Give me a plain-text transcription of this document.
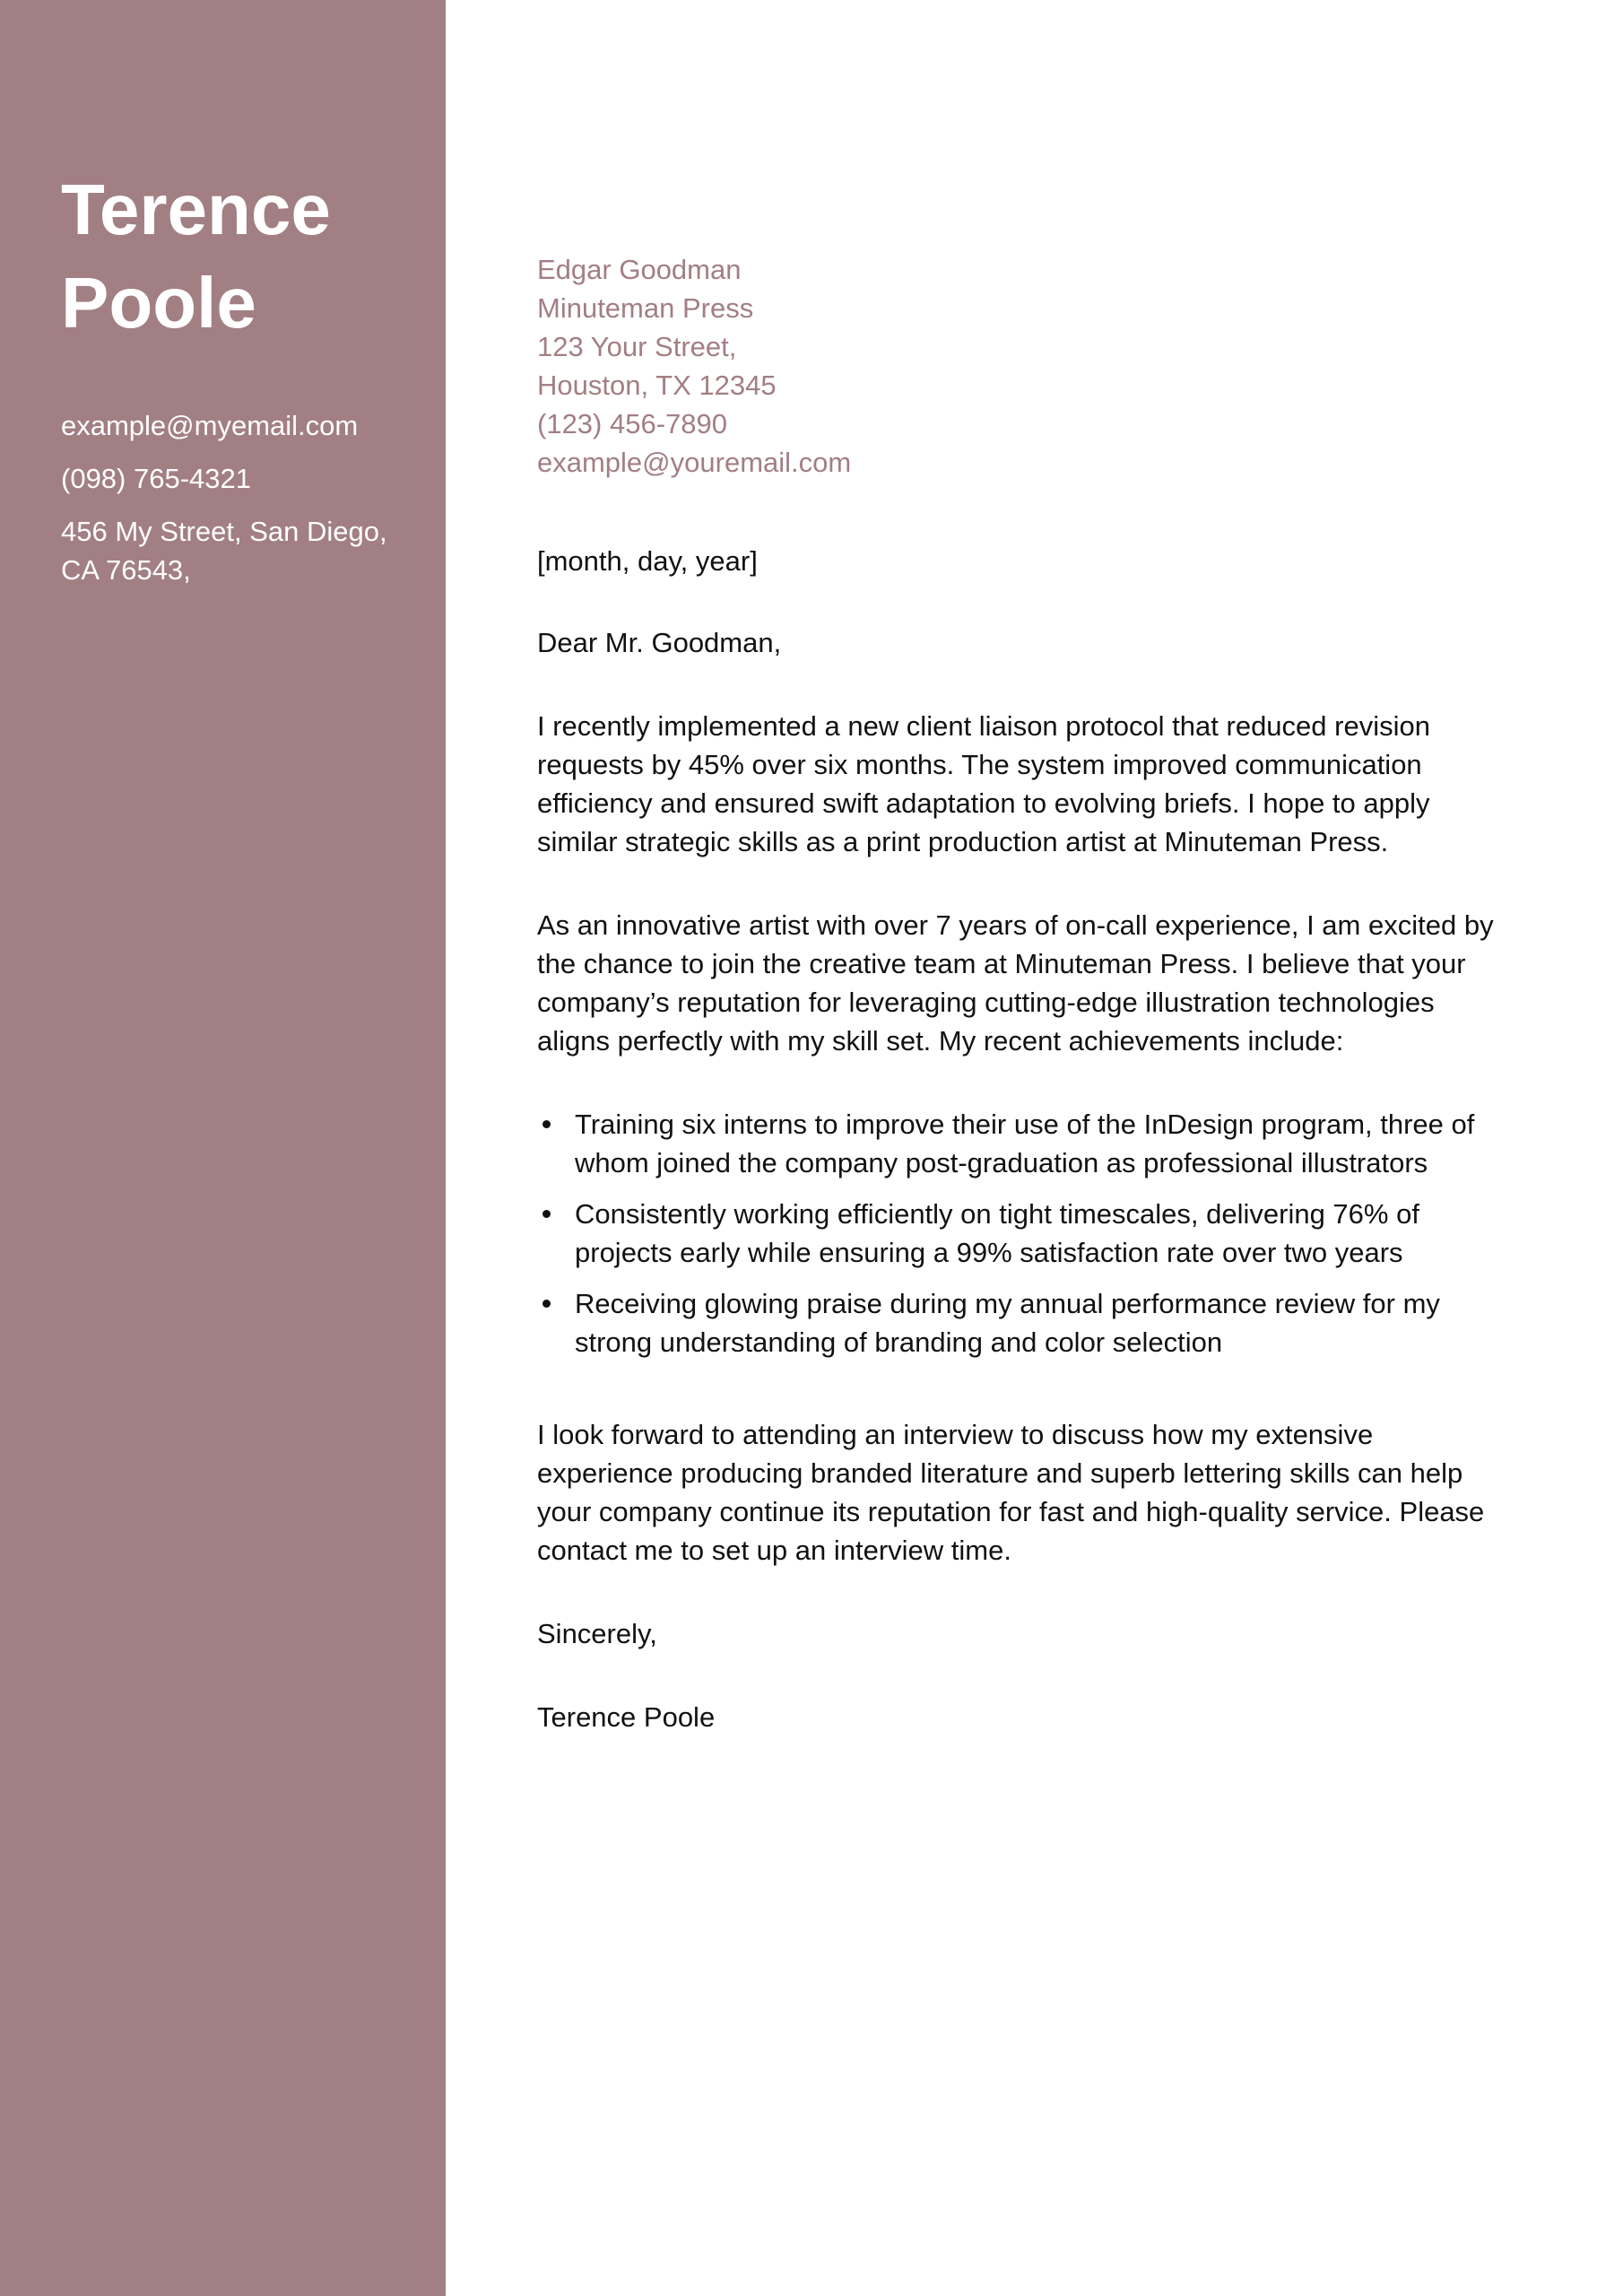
Terence
Poole
example@myemail.com
(098) 765-4321
456 My Street, San Diego,
CA 76543,
Edgar Goodman
Minuteman Press
123 Your Street,
Houston, TX 12345
(123) 456-7890
example@youremail.com
[month, day, year]
Dear Mr. Goodman,
I recently implemented a new client liaison protocol that reduced revision requests by 45% over six months. The system improved communication efficiency and ensured swift adaptation to evolving briefs. I hope to apply similar strategic skills as a print production artist at Minuteman Press.
As an innovative artist with over 7 years of on-call experience, I am excited by the chance to join the creative team at Minuteman Press. I believe that your company’s reputation for leveraging cutting-edge illustration technologies aligns perfectly with my skill set. My recent achievements include:
Training six interns to improve their use of the InDesign program, three of whom joined the company post-graduation as professional illustrators
Consistently working efficiently on tight timescales, delivering 76% of projects early while ensuring a 99% satisfaction rate over two years
Receiving glowing praise during my annual performance review for my strong understanding of branding and color selection
I look forward to attending an interview to discuss how my extensive experience producing branded literature and superb lettering skills can help your company continue its reputation for fast and high-quality service. Please contact me to set up an interview time.
Sincerely,
Terence Poole
